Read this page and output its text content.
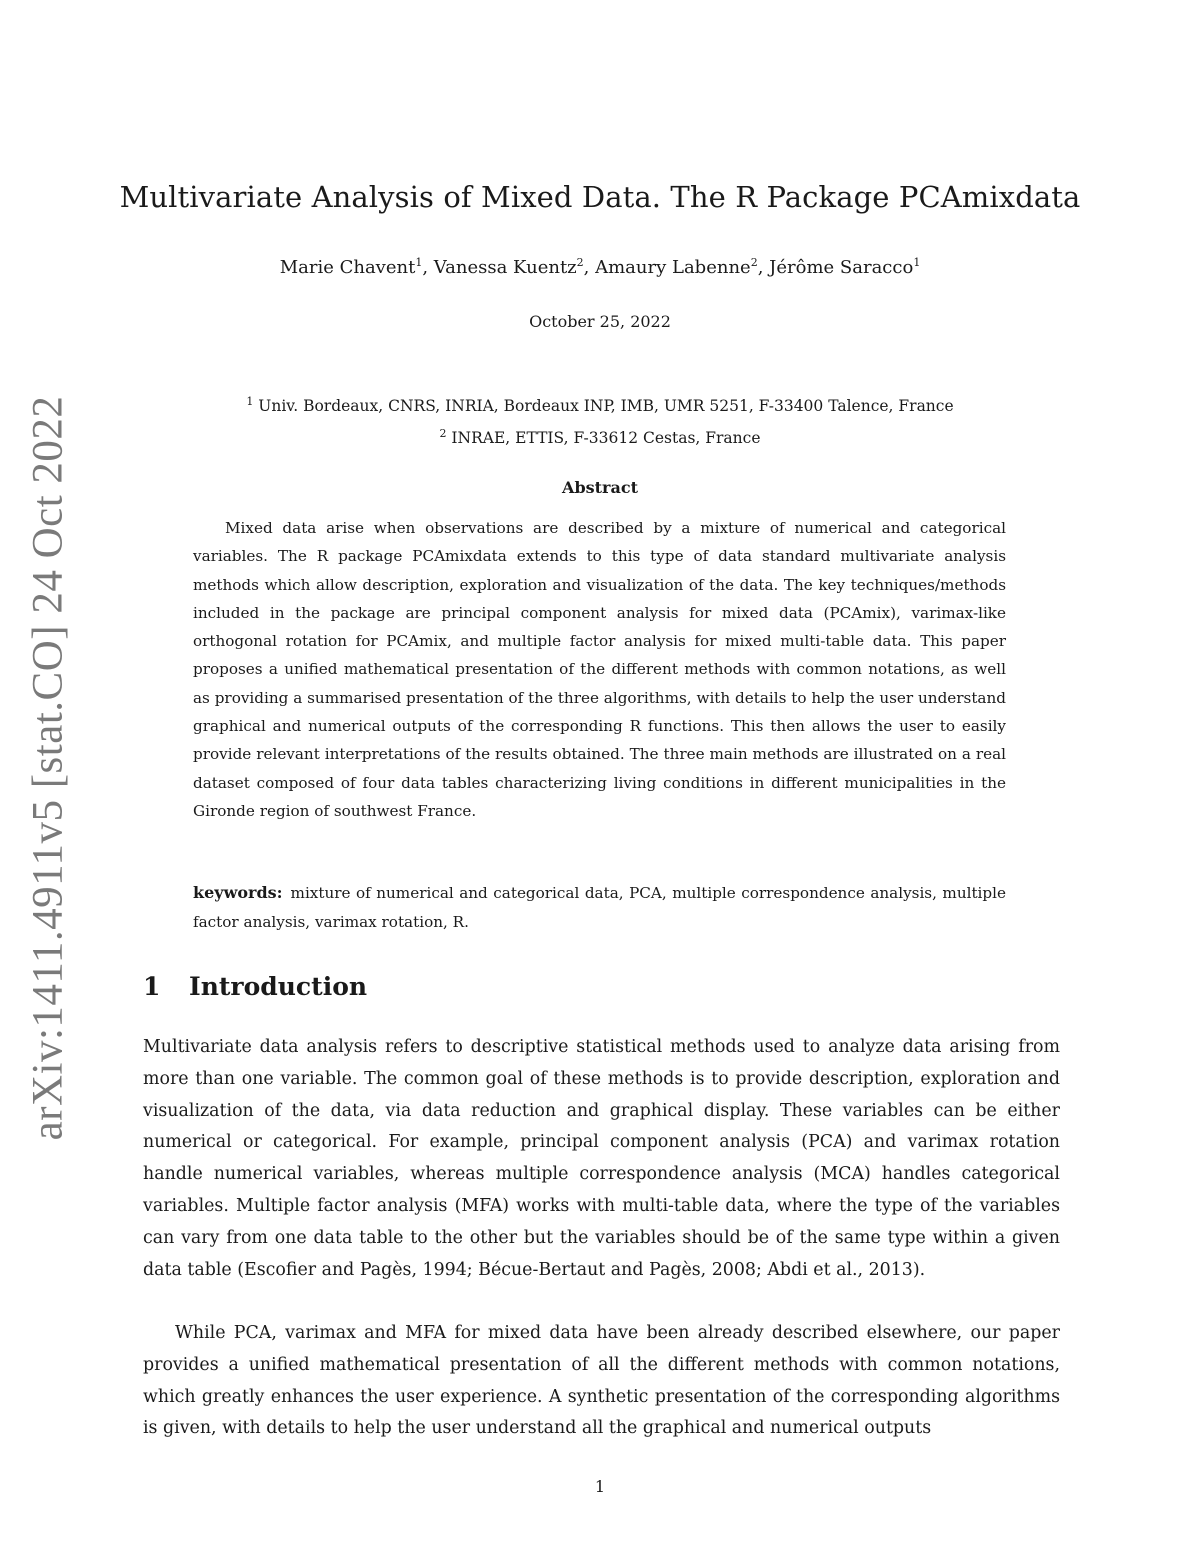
arXiv:1411.4911v5 [stat.CO] 24 Oct 2022
Multivariate Analysis of Mixed Data. The R Package PCAmixdata
Marie Chavent$^1$, Vanessa Kuentz$^2$, Amaury Labenne$^2$, Jérôme Saracco$^1$
October 25, 2022
$^1$ Univ. Bordeaux, CNRS, INRIA, Bordeaux INP, IMB, UMR 5251, F-33400 Talence, France
$^2$ INRAE, ETTIS, F-33612 Cestas, France
Abstract

Mixed data arise when observations are described by a mixture of numerical and categorical variables. The R package PCAmixdata extends to this type of data standard multivariate analysis methods which allow description, exploration and visualization of the data. The key techniques/methods included in the package are principal component analysis for mixed data (PCAmix), varimax-like orthogonal rotation for PCAmix, and multiple factor analysis for mixed multi-table data. This paper proposes a unified mathematical presentation of the different methods with common notations, as well as providing a summarised presentation of the three algorithms, with details to help the user understand graphical and numerical outputs of the corresponding R functions. This then allows the user to easily provide relevant interpretations of the results obtained. The three main methods are illustrated on a real dataset composed of four data tables characterizing living conditions in different municipalities in the Gironde region of southwest France.

keywords: mixture of numerical and categorical data, PCA, multiple correspondence analysis, multiple factor analysis, varimax rotation, R.

1 Introduction

Multivariate data analysis refers to descriptive statistical methods used to analyze data arising from more than one variable. The common goal of these methods is to provide description, exploration and visualization of the data, via data reduction and graphical display. These variables can be either numerical or categorical. For example, principal component analysis (PCA) and varimax rotation handle numerical variables, whereas multiple correspondence analysis (MCA) handles categorical variables. Multiple factor analysis (MFA) works with multi-table data, where the type of the variables can vary from one data table to the other but the variables should be of the same type within a given data table (Escofier and Pagès, 1994; Bécue-Bertaut and Pagès, 2008; Abdi et al., 2013).

While PCA, varimax and MFA for mixed data have been already described elsewhere, our paper provides a unified mathematical presentation of all the different methods with common notations, which greatly enhances the user experience. A synthetic presentation of the corresponding algorithms is given, with details to help the user understand all the graphical and numerical outputs

1
